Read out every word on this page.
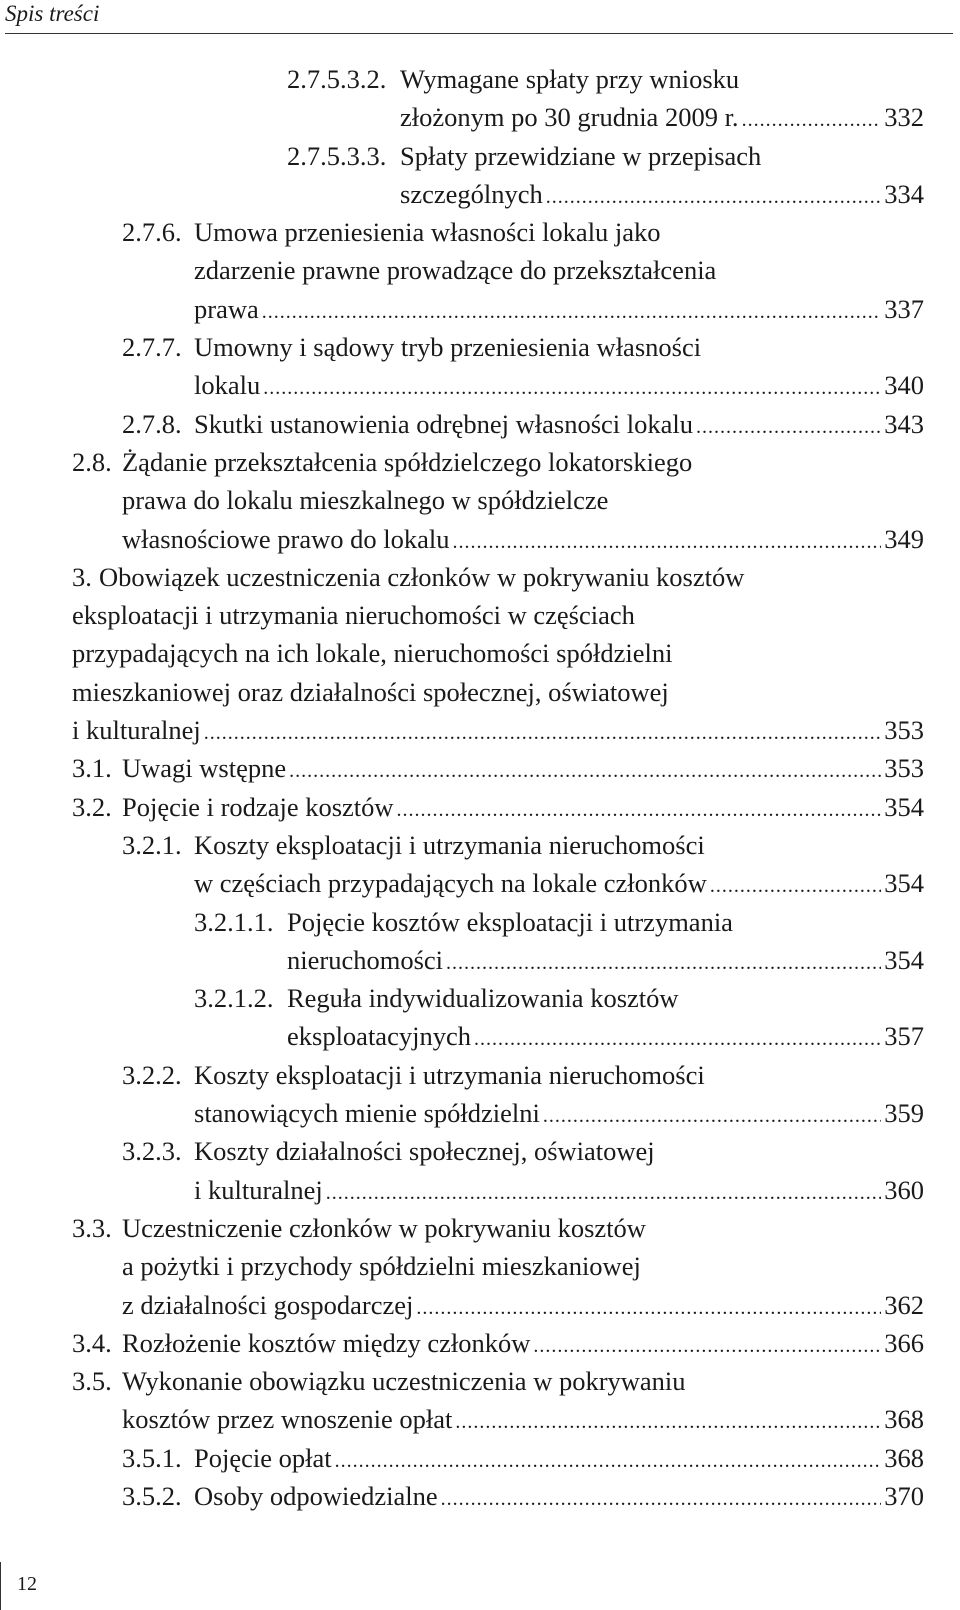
Spis treści
2.7.5.3.2. Wymagane spłaty przy wniosku
złożonym po 30 grudnia 2009 r. .....	332
2.7.5.3.3. Spłaty przewidziane w przepisach
szczególnych .....	334
2.7.6. Umowa przeniesienia własności lokalu jako
zdarzenie prawne prowadzące do przekształcenia
prawa .....	337
2.7.7. Umowny i sądowy tryb przeniesienia własności
lokalu .....	340
2.7.8. Skutki ustanowienia odrębnej własności lokalu .....	343
2.8. Żądanie przekształcenia spółdzielczego lokatorskiego
prawa do lokalu mieszkalnego w spółdzielcze
własnościowe prawo do lokalu .....	349
3. Obowiązek uczestniczenia członków w pokrywaniu kosztów
eksploatacji i utrzymania nieruchomości w częściach
przypadających na ich lokale, nieruchomości spółdzielni
mieszkaniowej oraz działalności społecznej, oświatowej
i kulturalnej .....	353
3.1. Uwagi wstępne .....	353
3.2. Pojęcie i rodzaje kosztów .....	354
3.2.1. Koszty eksploatacji i utrzymania nieruchomości
w częściach przypadających na lokale członków .....	354
3.2.1.1. Pojęcie kosztów eksploatacji i utrzymania
nieruchomości .....	354
3.2.1.2. Reguła indywidualizowania kosztów
eksploatacyjnych .....	357
3.2.2. Koszty eksploatacji i utrzymania nieruchomości
stanowiących mienie spółdzielni .....	359
3.2.3. Koszty działalności społecznej, oświatowej
i kulturalnej .....	360
3.3. Uczestniczenie członków w pokrywaniu kosztów
a pożytki i przychody spółdzielni mieszkaniowej
z działalności gospodarczej .....	362
3.4. Rozłożenie kosztów między członków .....	366
3.5. Wykonanie obowiązku uczestniczenia w pokrywaniu
kosztów przez wnoszenie opłat .....	368
3.5.1. Pojęcie opłat .....	368
3.5.2. Osoby odpowiedzialne .....	370
12
